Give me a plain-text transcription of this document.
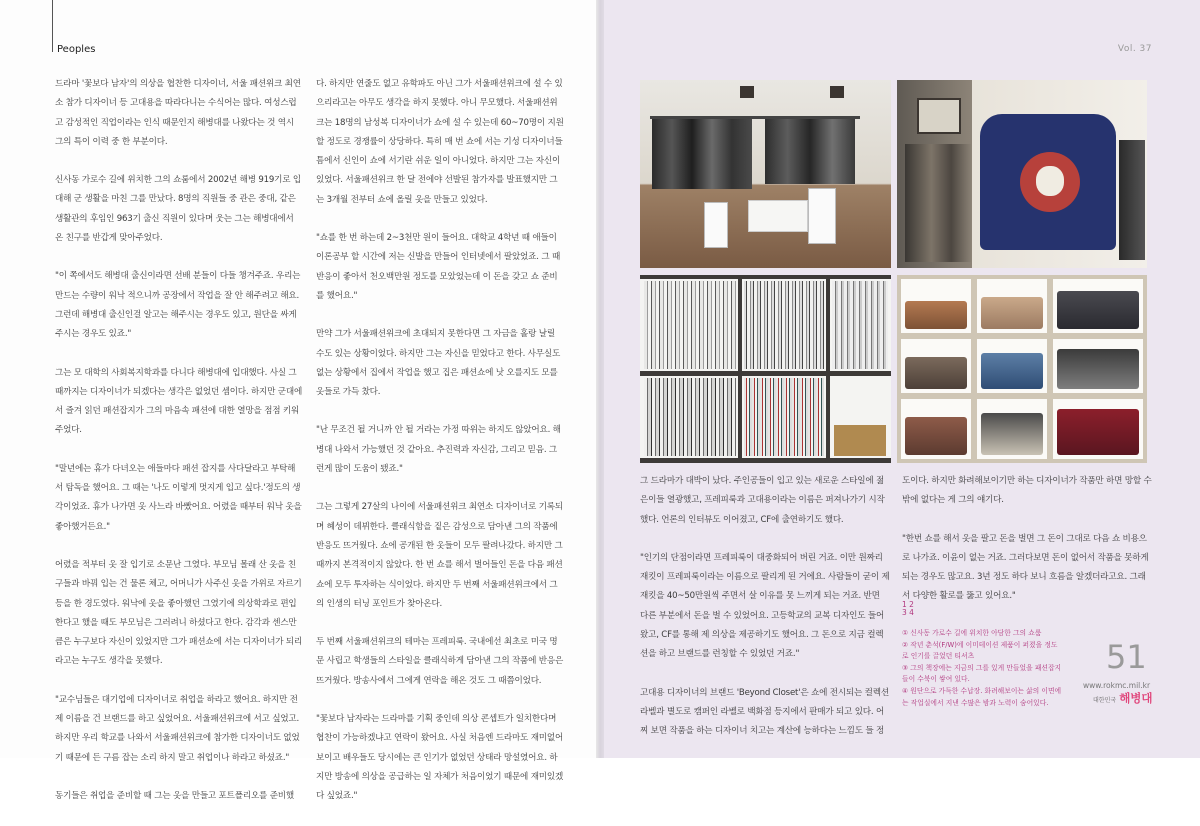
Peoples	Vol. 37

드라마 '꽃보다 남자'의 의상을 협찬한 디자이너, 서울 패션위크 최연소 참가 디자이너 등 고대용을 따라다니는 수식어는 많다. 여성스럽고 감성적인 직업이라는 인식 때문인지 해병대를 나왔다는 것 역시 그의 특이 이력 중 한 부분이다.

신사동 가로수 길에 위치한 그의 쇼룸에서 2002년 해병 919기로 입대해 군 생활을 마친 그를 만났다. 8명의 직원들 중 관은 중대, 같은 생활관의 후임인 963기 출신 직원이 있다며 웃는 그는 해병대에서 온 친구를 반갑게 맞아주었다.

"이 쪽에서도 해병대 출신이라면 선배 분들이 다들 챙겨주죠. 우리는 만드는 수량이 워낙 적으니까 공장에서 작업을 잘 안 해주려고 해요. 그런데 해병대 출신인걸 알고는 해주시는 경우도 있고, 원단을 싸게 주시는 경우도 있죠."

그는 모 대학의 사회복지학과를 다니다 해병대에 입대했다. 사실 그때까지는 디자이너가 되겠다는 생각은 없었던 셈이다. 하지만 군대에서 즐겨 읽던 패션잡지가 그의 마음속 패션에 대한 열망을 점점 키워주었다.

"말년에는 휴가 다녀오는 애들마다 패션 잡지를 사다달라고 부탁해서 탐독을 했어요. 그 때는 '나도 이렇게 멋지게 입고 싶다.'정도의 생각이었죠. 휴가 나가면 옷 사느라 바빴어요. 어렸을 때부터 워낙 옷을 좋아했거든요."

어렸을 적부터 옷 잘 입기로 소문난 그였다. 부모님 몰래 산 옷을 친구들과 바꿔 입는 건 물론 체고, 어머니가 사주신 옷을 가위로 자르기 등을 한 경도였다. 워낙에 옷을 좋아했던 그였기에 의상학과로 편입한다고 했을 때도 부모님은 그러려니 하셨다고 한다. 감각과 센스만큼은 누구보다 자신이 있었지만 그가 패션쇼에 서는 디자이너가 되리라고는 누구도 생각을 못했다.

"교수님들은 대기업에 디자이너로 취업을 하라고 했어요. 하지만 전 제 이름을 건 브랜드를 하고 싶었어요. 서울패션위크에 서고 싶었고. 하지만 우리 학교를 나와서 서울패션위크에 참가한 디자이너도 없었기 때문에 든 구름 잡는 소리 하지 말고 취업이나 하라고 하셨죠."

동기들은 취업을 준비할 때 그는 옷을 만들고 포트폴리오를 준비했

다. 하지만 연줄도 없고 유학파도 아닌 그가 서울패션위크에 설 수 있으리라고는 아무도 생각을 하지 못했다. 아니 무모했다. 서울패션위크는 18명의 남성복 디자이너가 쇼에 설 수 있는데 60~70명이 지원할 정도로 경쟁률이 상당하다. 특히 매 번 쇼에 서는 기성 디자이너들 틈에서 신인이 쇼에 서기란 쉬운 일이 아니었다. 하지만 그는 자신이 있었다. 서울패션위크 한 달 전에야 선발된 참가자를 발표했지만 그는 3개월 전부터 쇼에 올릴 옷을 만들고 있었다.

"쇼를 한 번 하는데 2~3천만 원이 들어요. 대학교 4학년 때 애들이 이론공부 할 시간에 저는 신발을 만들어 인터넷에서 팔았었죠. 그 때 반응이 좋아서 천오백만원 정도를 모았었는데 이 돈을 갖고 쇼 준비를 했어요."

만약 그가 서울패션위크에 초대되지 못한다면 그 자금을 홀랑 날릴 수도 있는 상황이었다. 하지만 그는 자신을 믿었다고 한다. 사무실도 없는 상황에서 집에서 작업을 했고 집은 패션쇼에 낫 오를지도 모를 옷들로 가득 찼다.

"난 무조건 될 거니까 안 될 거라는 가정 따위는 하지도 않았어요. 해병대 나와서 가능했던 것 같아요. 추진력과 자신감, 그리고 믿음. 그런게 많이 도움이 됐죠."

그는 그렇게 27살의 나이에 서울패션위크 최연소 디자이너로 기록되며 혜성이 데뷔한다. 클래식함을 짙은 감성으로 담아낸 그의 작품에 반응도 뜨거웠다. 쇼에 공개된 한 옷들이 모두 팔려나갔다. 하지만 그때까지 본격적이지 않았다. 한 번 쇼를 해서 벌어들인 돈을 다음 패션쇼에 모두 투자하는 식이었다. 하지만 두 번째 서울패션위크에서 그의 인생의 터닝 포인트가 찾아온다.

두 번째 서울패션위크의 테마는 프레피룩. 국내에선 최초로 미국 명문 사립고 학생들의 스타일을 클래식하게 담아낸 그의 작품에 반응은 뜨거웠다. 방송사에서 그에게 연락을 해온 것도 그 때쯤이었다.

"꽃보다 남자라는 드라마를 기획 중인데 의상 콘셉트가 일치한다며 협찬이 가능하겠냐고 연락이 왔어요. 사실 처음엔 드라마도 재미없어 보이고 배우들도 당시에는 큰 인기가 없었던 상태라 망설였어요. 하지만 방송에 의상을 공급하는 일 자체가 처음이었기 때문에 재미있겠다 싶었죠."

그 드라마가 대박이 났다. 주인공들이 입고 있는 새로운 스타일에 젊은이들 열광했고, 프레피룩과 고대용이라는 이름은 퍼져나가기 시작했다. 언론의 인터뷰도 이어졌고, CF에 출연하기도 했다.

"인기의 단점이라면 프레피룩이 대중화되어 버린 거죠. 이만 원짜리 재킷이 프레피룩이라는 이름으로 팔리게 된 거에요. 사람들이 굳이 제 재킷을 40~50만원씩 주면서 살 이유를 못 느끼게 되는 거죠. 반면 다른 부분에서 돈을 벌 수 있었어요. 고등학교의 교복 디자인도 들어왔고, CF를 통해 제 의상을 제공하기도 했어요. 그 돈으로 지금 컬렉션을 하고 브랜드를 런칭할 수 있었던 거죠."

고대용 디자이너의 브랜드 'Beyond Closet'은 쇼에 전시되는 컬렉션 라벨과 별도로 캠퍼인 라벨로 백화점 등지에서 판매가 되고 있다. 어찌 보면 작품을 하는 디자이너 치고는 계산에 능하다는 느낌도 들 정

도이다. 하지만 화려해보이기만 하는 디자이너가 작품만 하면 망할 수밖에 없다는 게 그의 얘기다.

"한번 쇼를 해서 옷을 팔고 돈을 벌면 그 돈이 그대로 다음 쇼 비용으로 나가죠. 이윤이 없는 거죠. 그러다보면 돈이 없어서 작품을 못하게 되는 경우도 많고요. 3년 정도 하다 보니 흐름을 알겠더라고요. 그래서 다양한 활로를 뚫고 있어요."

1 2
3 4
① 신사동 가로수 길에 위치한 아담한 그의 쇼룸
② 작년 춘석(F/W)에 이미테이션 제품이 퍼졌을 정도로 인기를 끌었던 티셔츠
③ 그의 책장에는 지금의 그를 있게 만들었을 패션잡지들이 수북이 쌓여 있다.
④ 원단으로 가득한 수납장. 화려해보이는 삶의 이면에는 작업실에서 지낸 수많은 밤과 노력이 숨어있다.
51
www.rokmc.mil.kr
대한민국 해병대
